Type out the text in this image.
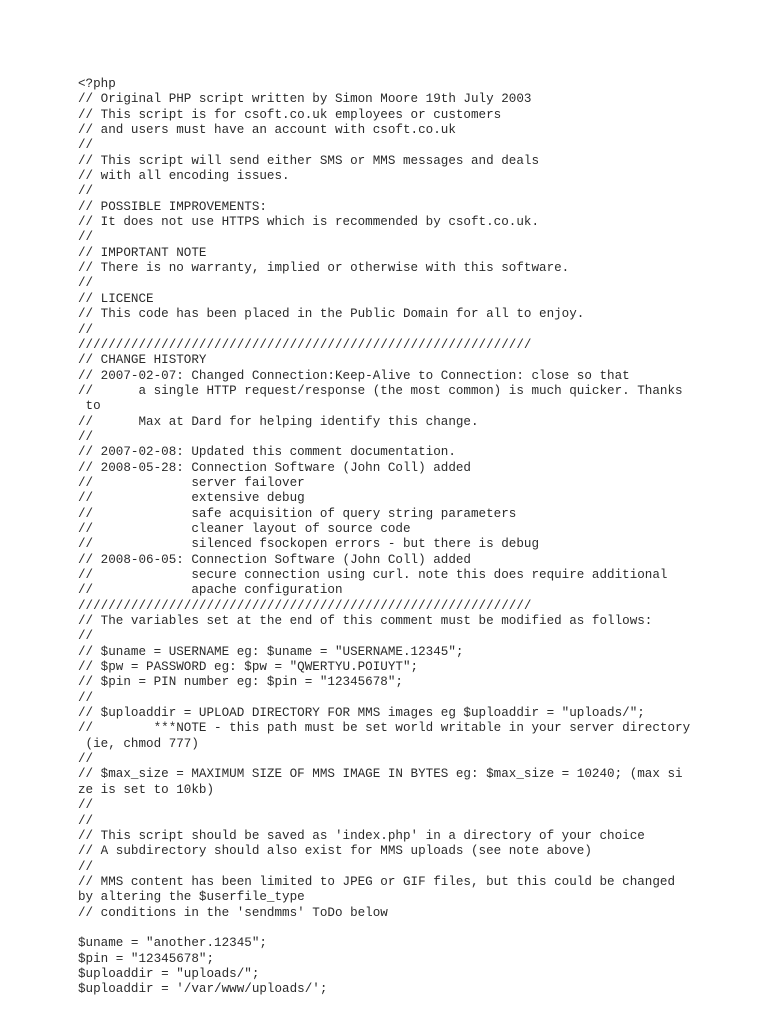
<?php
// Original PHP script written by Simon Moore 19th July 2003
// This script is for csoft.co.uk employees or customers
// and users must have an account with csoft.co.uk
//
// This script will send either SMS or MMS messages and deals
// with all encoding issues.
//
// POSSIBLE IMPROVEMENTS:
// It does not use HTTPS which is recommended by csoft.co.uk.
//
// IMPORTANT NOTE
// There is no warranty, implied or otherwise with this software.
//
// LICENCE
// This code has been placed in the Public Domain for all to enjoy.
//
////////////////////////////////////////////////////////////
// CHANGE HISTORY
// 2007-02-07: Changed Connection:Keep-Alive to Connection: close so that
//      a single HTTP request/response (the most common) is much quicker. Thanks
to
//      Max at Dard for helping identify this change.
//
// 2007-02-08: Updated this comment documentation.
// 2008-05-28: Connection Software (John Coll) added
//             server failover
//             extensive debug
//             safe acquisition of query string parameters
//             cleaner layout of source code
//             silenced fsockopen errors - but there is debug
// 2008-06-05: Connection Software (John Coll) added
//             secure connection using curl. note this does require additional
//             apache configuration
////////////////////////////////////////////////////////////
// The variables set at the end of this comment must be modified as follows:
//
// $uname = USERNAME eg: $uname = "USERNAME.12345";
// $pw = PASSWORD eg: $pw = "QWERTYU.POIUYT";
// $pin = PIN number eg: $pin = "12345678";
//
// $uploaddir = UPLOAD DIRECTORY FOR MMS images eg $uploaddir = "uploads/";
//        ***NOTE - this path must be set world writable in your server directory
(ie, chmod 777)
//
// $max_size = MAXIMUM SIZE OF MMS IMAGE IN BYTES eg: $max_size = 10240; (max si
ze is set to 10kb)
//
//
// This script should be saved as 'index.php' in a directory of your choice
// A subdirectory should also exist for MMS uploads (see note above)
//
// MMS content has been limited to JPEG or GIF files, but this could be changed
by altering the $userfile_type
// conditions in the 'sendmms' ToDo below
$uname = "another.12345";
$pin = "12345678";
$uploaddir = "uploads/";
$uploaddir = '/var/www/uploads/';
